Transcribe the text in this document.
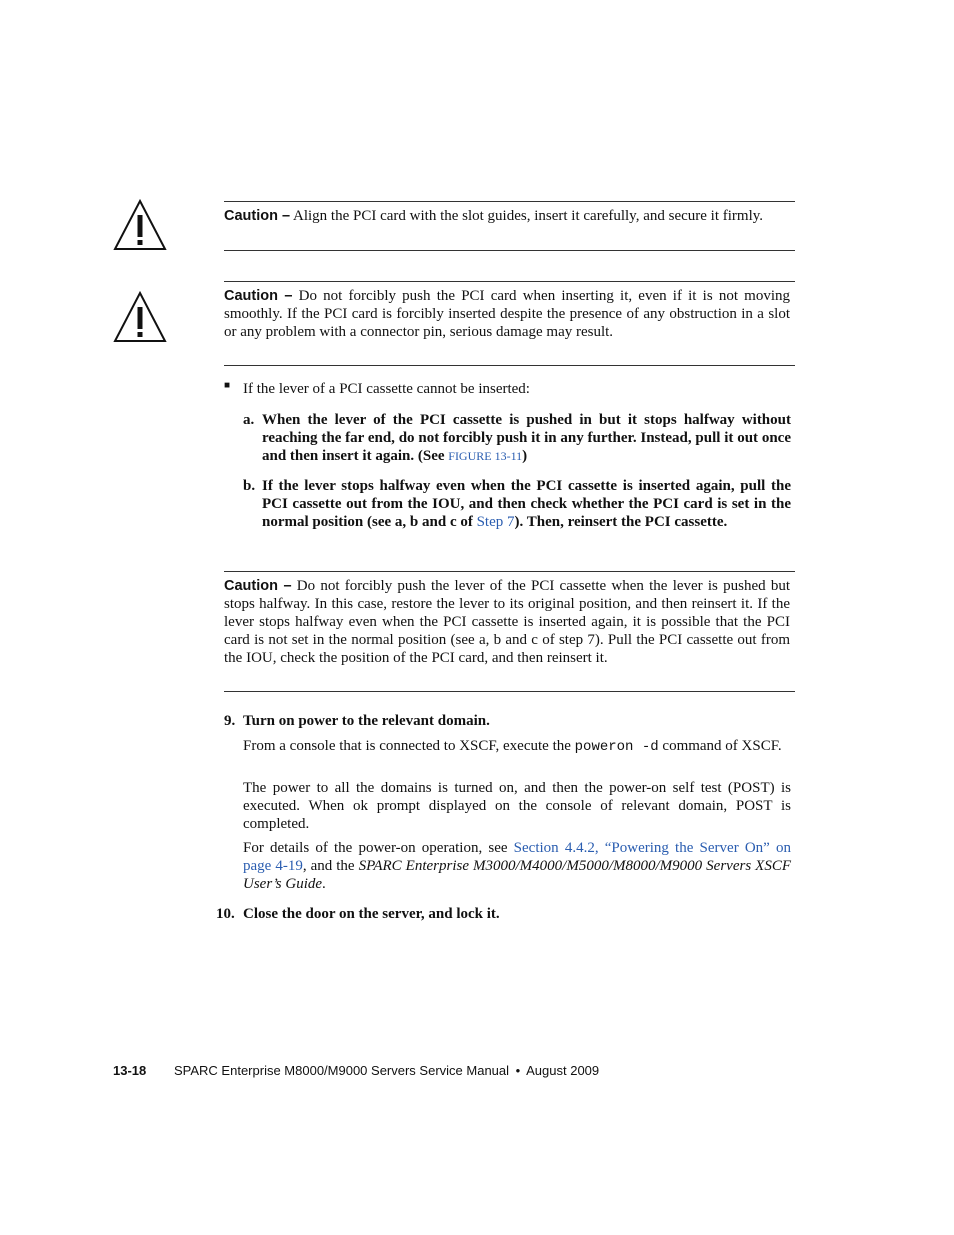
Caution – Align the PCI card with the slot guides, insert it carefully, and secure it firmly.
Caution – Do not forcibly push the PCI card when inserting it, even if it is not moving smoothly. If the PCI card is forcibly inserted despite the presence of any obstruction in a slot or any problem with a connector pin, serious damage may result.
■ If the lever of a PCI cassette cannot be inserted:
a. When the lever of the PCI cassette is pushed in but it stops halfway without reaching the far end, do not forcibly push it in any further. Instead, pull it out once and then insert it again. (See FIGURE 13-11)
b. If the lever stops halfway even when the PCI cassette is inserted again, pull the PCI cassette out from the IOU, and then check whether the PCI card is set in the normal position (see a, b and c of Step 7). Then, reinsert the PCI cassette.
Caution – Do not forcibly push the lever of the PCI cassette when the lever is pushed but stops halfway. In this case, restore the lever to its original position, and then reinsert it. If the lever stops halfway even when the PCI cassette is inserted again, it is possible that the PCI card is not set in the normal position (see a, b and c of step 7). Pull the PCI cassette out from the IOU, check the position of the PCI card, and then reinsert it.
9. Turn on power to the relevant domain.
From a console that is connected to XSCF, execute the poweron -d command of XSCF.
The power to all the domains is turned on, and then the power-on self test (POST) is executed. When ok prompt displayed on the console of relevant domain, POST is completed.
For details of the power-on operation, see Section 4.4.2, “Powering the Server On” on page 4-19, and the SPARC Enterprise M3000/M4000/M5000/M8000/M9000 Servers XSCF User’s Guide.
10. Close the door on the server, and lock it.
13-18 SPARC Enterprise M8000/M9000 Servers Service Manual • August 2009
